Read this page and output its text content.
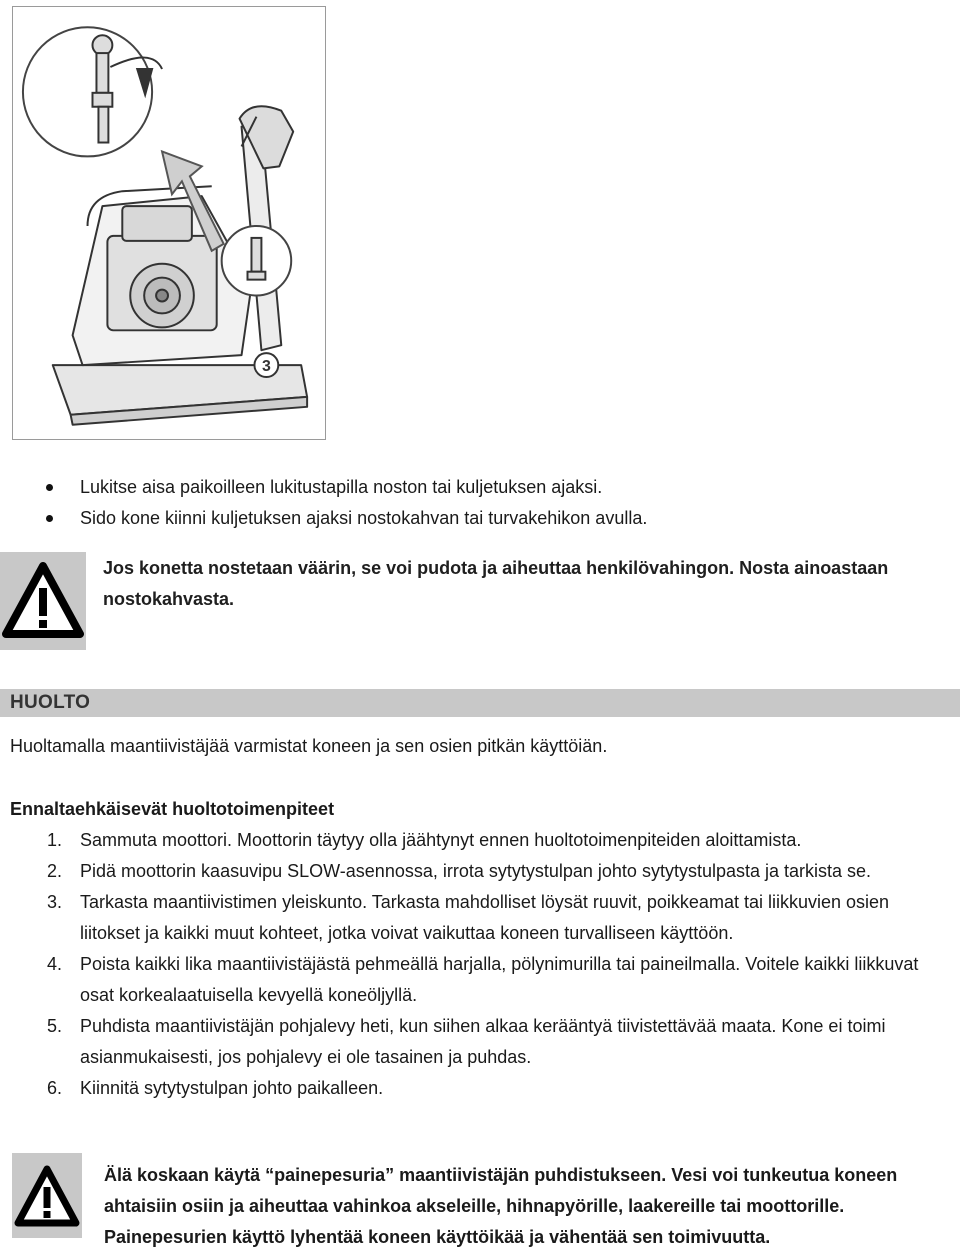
3
Lukitse aisa paikoilleen lukitustapilla noston tai kuljetuksen ajaksi.
Sido kone kiinni kuljetuksen ajaksi nostokahvan tai turvakehikon avulla.
Jos konetta nostetaan väärin, se voi pudota ja aiheuttaa henkilövahingon. Nosta ainoastaan nostokahvasta.
HUOLTO
Huoltamalla maantiivistäjää varmistat koneen ja sen osien pitkän käyttöiän.
Ennaltaehkäisevät huoltotoimenpiteet
1. Sammuta moottori. Moottorin täytyy olla jäähtynyt ennen huoltotoimenpiteiden aloittamista.
2. Pidä moottorin kaasuvipu SLOW-asennossa, irrota sytytystulpan johto sytytystulpasta ja tarkista se.
3. Tarkasta maantiivistimen yleiskunto. Tarkasta mahdolliset löysät ruuvit, poikkeamat tai liikkuvien osien liitokset ja kaikki muut kohteet, jotka voivat vaikuttaa koneen turvalliseen käyttöön.
4. Poista kaikki lika maantiivistäjästä pehmeällä harjalla, pölynimurilla tai paineilmalla. Voitele kaikki liikkuvat osat korkealaatuisella kevyellä koneöljyllä.
5. Puhdista maantiivistäjän pohjalevy heti, kun siihen alkaa kerääntyä tiivistettävää maata. Kone ei toimi asianmukaisesti, jos pohjalevy ei ole tasainen ja puhdas.
6. Kiinnitä sytytystulpan johto paikalleen.
Älä koskaan käytä “painepesuria” maantiivistäjän puhdistukseen. Vesi voi tunkeutua koneen ahtaisiin osiin ja aiheuttaa vahinkoa akseleille, hihnapyörille, laakereille tai moottorille. Painepesurien käyttö lyhentää koneen käyttöikää ja vähentää sen toimivuutta.
